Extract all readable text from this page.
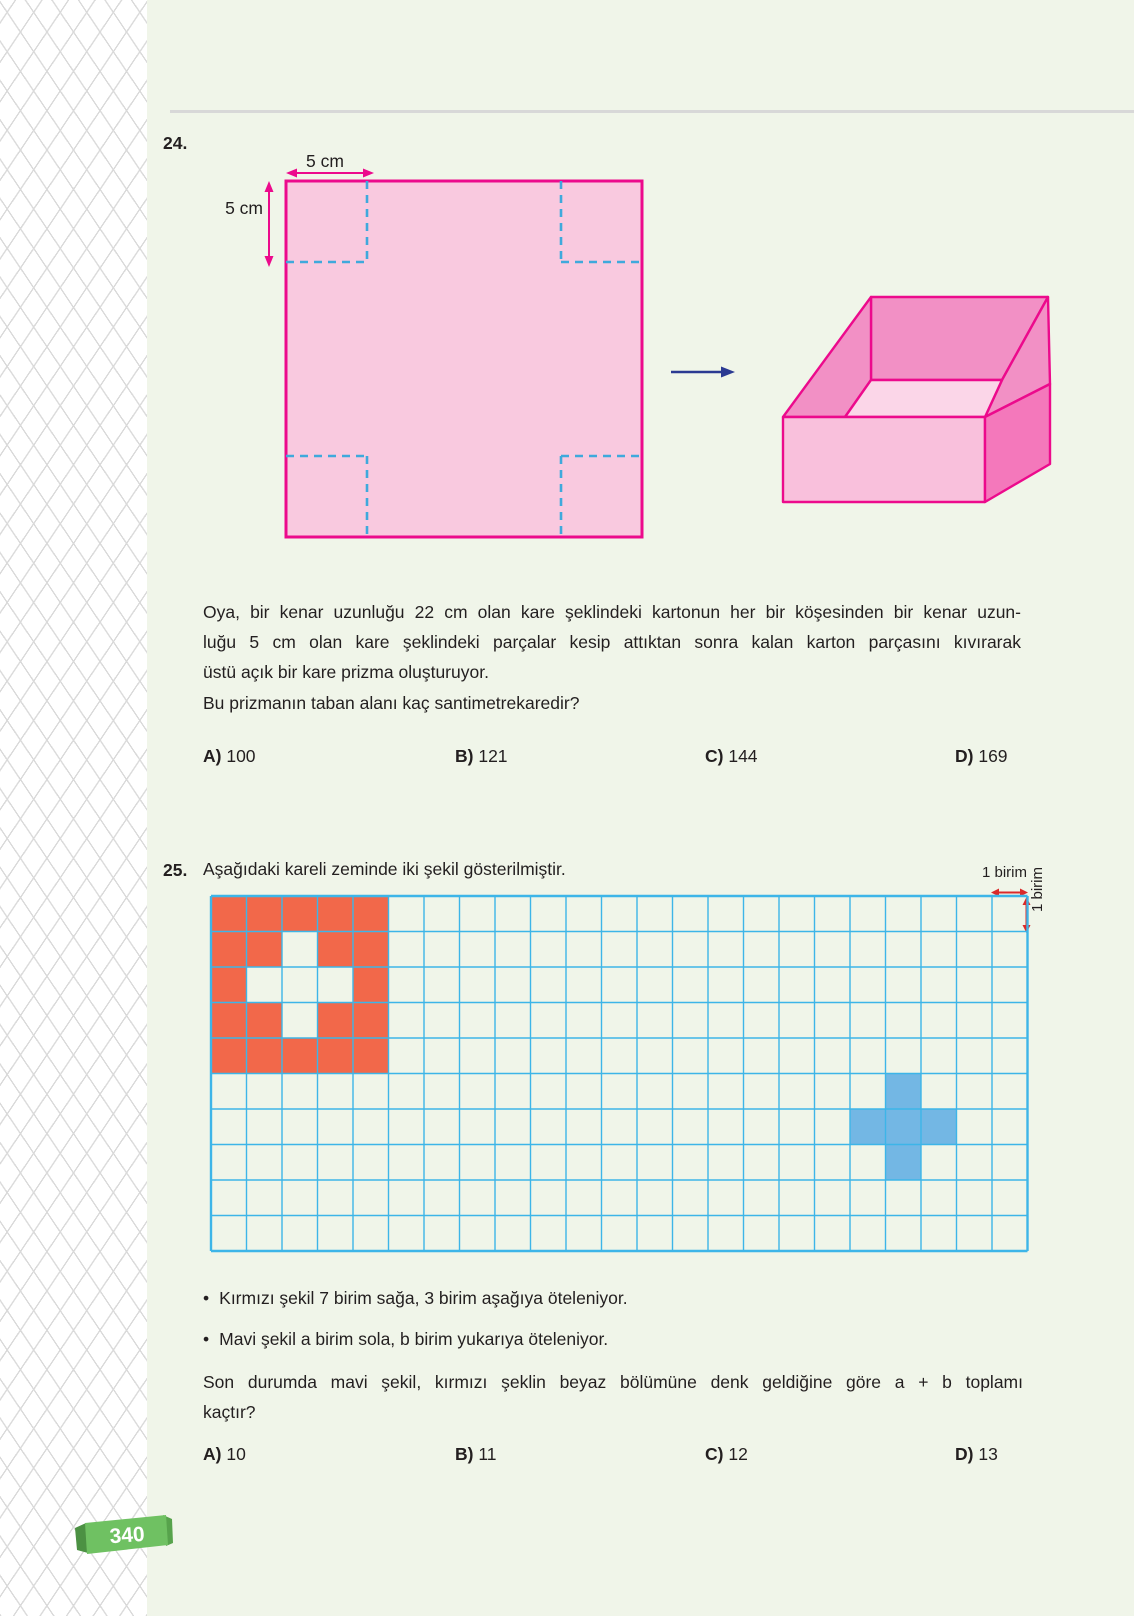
24.
5 cm
5 cm
Oya, bir kenar uzunluğu 22 cm olan kare şeklindeki kartonun her bir köşesinden bir kenar uzun-
luğu 5 cm olan kare şeklindeki parçalar kesip attıktan sonra kalan karton parçasını kıvırarak
üstü açık bir kare prizma oluşturuyor.
Bu prizmanın taban alanı kaç santimetrekaredir?
A) 100	B) 121	C) 144	D) 169
25. Aşağıdaki kareli zeminde iki şekil gösterilmiştir.	1 birim 1 birim
• Kırmızı şekil 7 birim sağa, 3 birim aşağıya öteleniyor.
• Mavi şekil a birim sola, b birim yukarıya öteleniyor.
Son durumda mavi şekil, kırmızı şeklin beyaz bölümüne denk geldiğine göre a + b toplamı
kaçtır?
A) 10	B) 11	C) 12	D) 13
340
